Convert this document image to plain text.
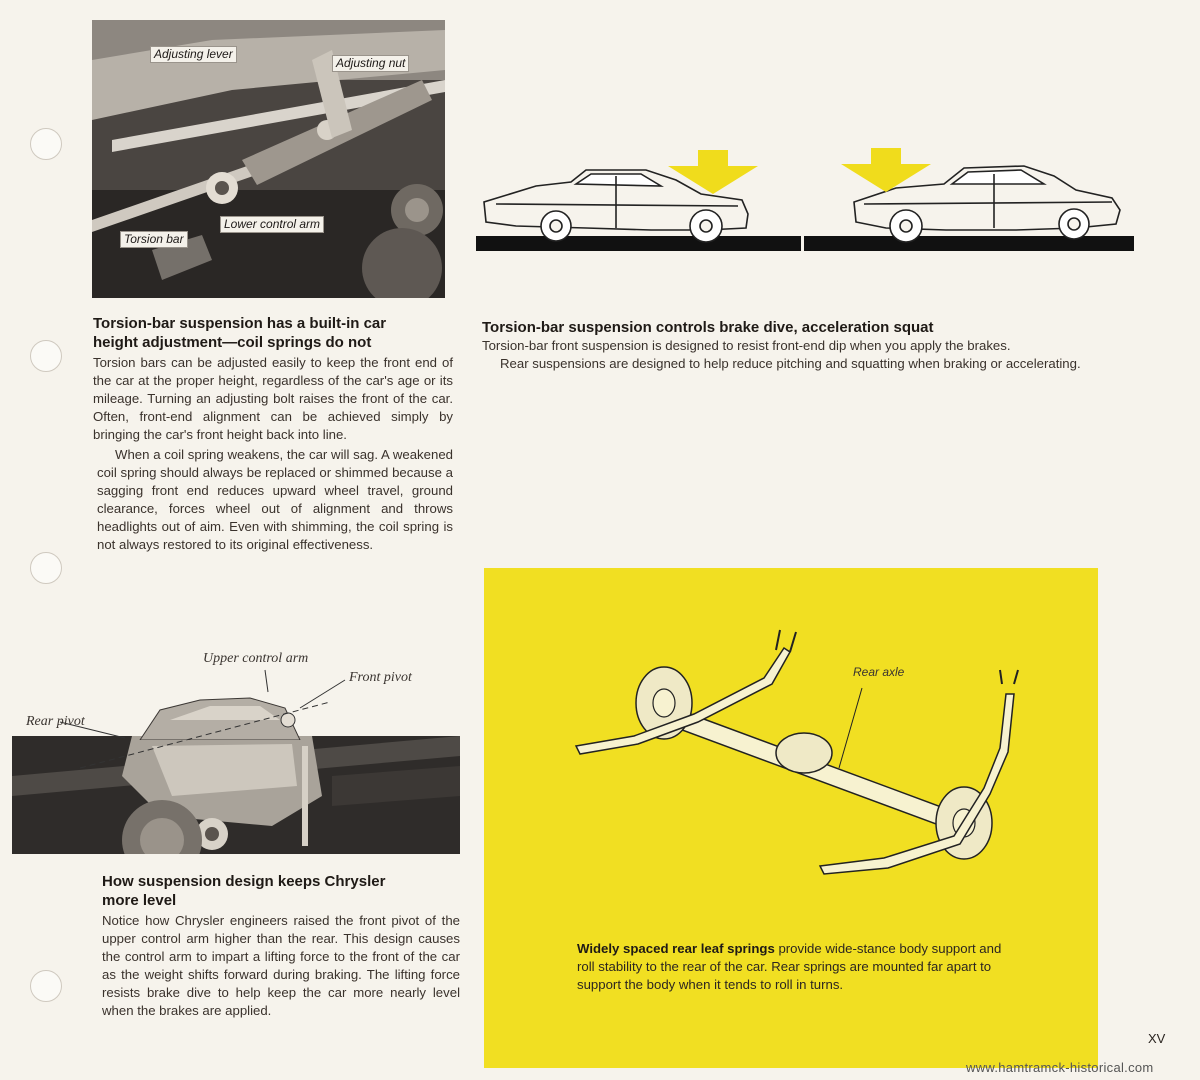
Adjusting lever
Adjusting nut
Torsion bar
Lower control arm
Torsion-bar suspension has a built-in car height adjustment—coil springs do not

Torsion bars can be adjusted easily to keep the front end of the car at the proper height, regardless of the car's age or its mileage. Turning an adjusting bolt raises the front of the car. Often, front-end alignment can be achieved simply by bringing the car's front height back into line.

When a coil spring weakens, the car will sag. A weakened coil spring should always be replaced or shimmed because a sagging front end reduces upward wheel travel, ground clearance, forces wheel out of alignment and throws headlights out of aim. Even with shimming, the coil spring is not always restored to its original effectiveness.

Torsion-bar suspension controls brake dive, acceleration squat

Torsion-bar front suspension is designed to resist front-end dip when you apply the brakes.

Rear suspensions are designed to help reduce pitching and squatting when braking or accelerating.

Upper control arm
Front pivot
Rear pivot
How suspension design keeps Chrysler more level

Notice how Chrysler engineers raised the front pivot of the upper control arm higher than the rear. This design causes the control arm to impart a lifting force to the front of the car as the weight shifts forward during braking. The lifting force resists brake dive to help keep the car more nearly level when the brakes are applied.

Rear axle

Widely spaced rear leaf springs provide wide-stance body support and roll stability to the rear of the car. Rear springs are mounted far apart to support the body when it tends to roll in turns.

XV
www.hamtramck-historical.com
